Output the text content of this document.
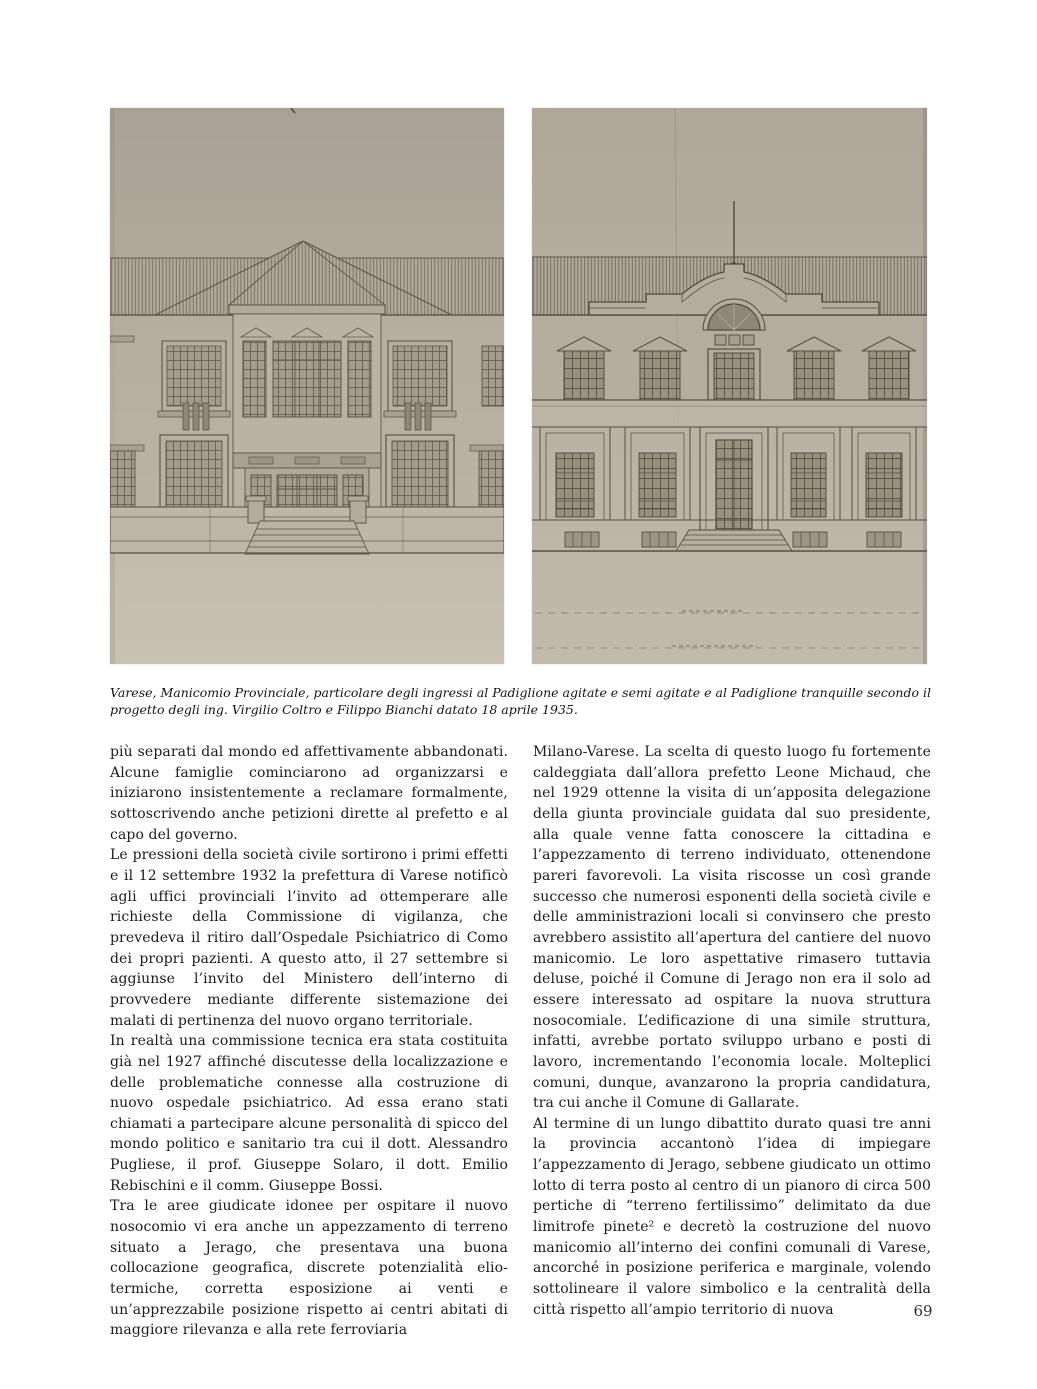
Varese, Manicomio Provinciale, particolare degli ingressi al Padiglione agitate e semi agitate e al Padiglione tranquille secondo il progetto degli ing. Virgilio Coltro e Filippo Bianchi datato 18 aprile 1935.

più separati dal mondo ed affettivamente abbandonati. Alcune famiglie cominciarono ad organizzarsi e iniziarono insistentemente a reclamare formalmente, sottoscrivendo anche petizioni dirette al prefetto e al capo del governo.

Le pressioni della società civile sortirono i primi effetti e il 12 settembre 1932 la prefettura di Varese notificò agli uffici provinciali l’invito ad ottemperare alle richieste della Commissione di vigilanza, che prevedeva il ritiro dall’Ospedale Psichiatrico di Como dei propri pazienti. A questo atto, il 27 settembre si aggiunse l’invito del Ministero dell’interno di provvedere mediante differente sistemazione dei malati di pertinenza del nuovo organo territoriale.

In realtà una commissione tecnica era stata costituita già nel 1927 affinché discutesse della localizzazione e delle problematiche connesse alla costruzione di nuovo ospedale psichiatrico. Ad essa erano stati chiamati a partecipare alcune personalità di spicco del mondo politico e sanitario tra cui il dott. Alessandro Pugliese, il prof. Giuseppe Solaro, il dott. Emilio Rebischini e il comm. Giuseppe Bossi.

Tra le aree giudicate idonee per ospitare il nuovo nosocomio vi era anche un appezzamento di terreno situato a Jerago, che presentava una buona collocazione geografica, discrete potenzialità elio-termiche, corretta esposizione ai venti e un’apprezzabile posizione rispetto ai centri abitati di maggiore rilevanza e alla rete ferroviaria

Milano-Varese. La scelta di questo luogo fu fortemente caldeggiata dall’allora prefetto Leone Michaud, che nel 1929 ottenne la visita di un’apposita delegazione della giunta provinciale guidata dal suo presidente, alla quale venne fatta conoscere la cittadina e l’appezzamento di terreno individuato, ottenendone pareri favorevoli. La visita riscosse un così grande successo che numerosi esponenti della società civile e delle amministrazioni locali si convinsero che presto avrebbero assistito all’apertura del cantiere del nuovo manicomio. Le loro aspettative rimasero tuttavia deluse, poiché il Comune di Jerago non era il solo ad essere interessato ad ospitare la nuova struttura nosocomiale. L’edificazione di una simile struttura, infatti, avrebbe portato sviluppo urbano e posti di lavoro, incrementando l’economia locale. Molteplici comuni, dunque, avanzarono la propria candidatura, tra cui anche il Comune di Gallarate.

Al termine di un lungo dibattito durato quasi tre anni la provincia accantonò l’idea di impiegare l’appezzamento di Jerago, sebbene giudicato un ottimo lotto di terra posto al centro di un pianoro di circa 500 pertiche di “terreno fertilissimo” delimitato da due limitrofe pinete² e decretò la costruzione del nuovo manicomio all’interno dei confini comunali di Varese, ancorché in posizione periferica e marginale, volendo sottolineare il valore simbolico e la centralità della città rispetto all’ampio territorio di nuova	69
